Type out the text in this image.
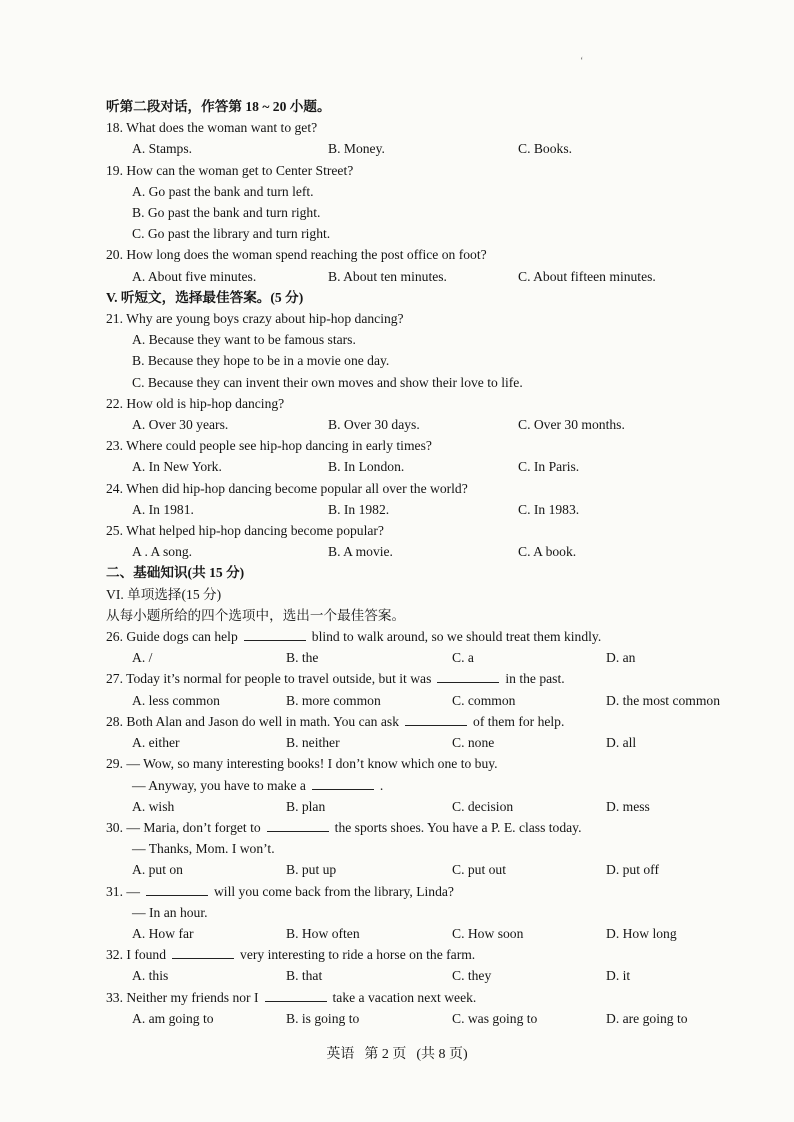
‘
听第二段对话，作答第 18 ~ 20 小题。
18. What does the woman want to get?
A. Stamps.	B. Money.	C. Books.
19. How can the woman get to Center Street?
A. Go past the bank and turn left.
B. Go past the bank and turn right.
C. Go past the library and turn right.
20. How long does the woman spend reaching the post office on foot?
A. About five minutes.	B. About ten minutes.	C. About fifteen minutes.
V. 听短文，选择最佳答案。(5 分)
21. Why are young boys crazy about hip-hop dancing?
A. Because they want to be famous stars.
B. Because they hope to be in a movie one day.
C. Because they can invent their own moves and show their love to life.
22. How old is hip-hop dancing?
A. Over 30 years.	B. Over 30 days.	C. Over 30 months.
23. Where could people see hip-hop dancing in early times?
A. In New York.	B. In London.	C. In Paris.
24. When did hip-hop dancing become popular all over the world?
A. In 1981.	B. In 1982.	C. In 1983.
25. What helped hip-hop dancing become popular?
A . A song.	B. A movie.	C. A book.
二、基础知识(共 15 分)
VI. 单项选择(15 分)
从每小题所给的四个选项中，选出一个最佳答案。
26. Guide dogs can help	blind to walk around, so we should treat them kindly.
A. /	B. the	C. a	D. an
27. Today it’s normal for people to travel outside, but it was	in the past.
A. less common	B. more common	C. common	D. the most common
28. Both Alan and Jason do well in math. You can ask	of them for help.
A. either	B. neither	C. none	D. all
29. — Wow, so many interesting books! I don’t know which one to buy.
— Anyway, you have to make a	.
A. wish	B. plan	C. decision	D. mess
30. — Maria, don’t forget to	the sports shoes. You have a P. E. class today.
— Thanks, Mom. I won’t.
A. put on	B. put up	C. put out	D. put off
31. —	will you come back from the library, Linda?
— In an hour.
A. How far	B. How often	C. How soon	D. How long
32. I found	very interesting to ride a horse on the farm.
A. this	B. that	C. they	D. it
33. Neither my friends nor I	take a vacation next week.
A. am going to	B. is going to	C. was going to	D. are going to
英语 第 2 页 (共 8 页)
